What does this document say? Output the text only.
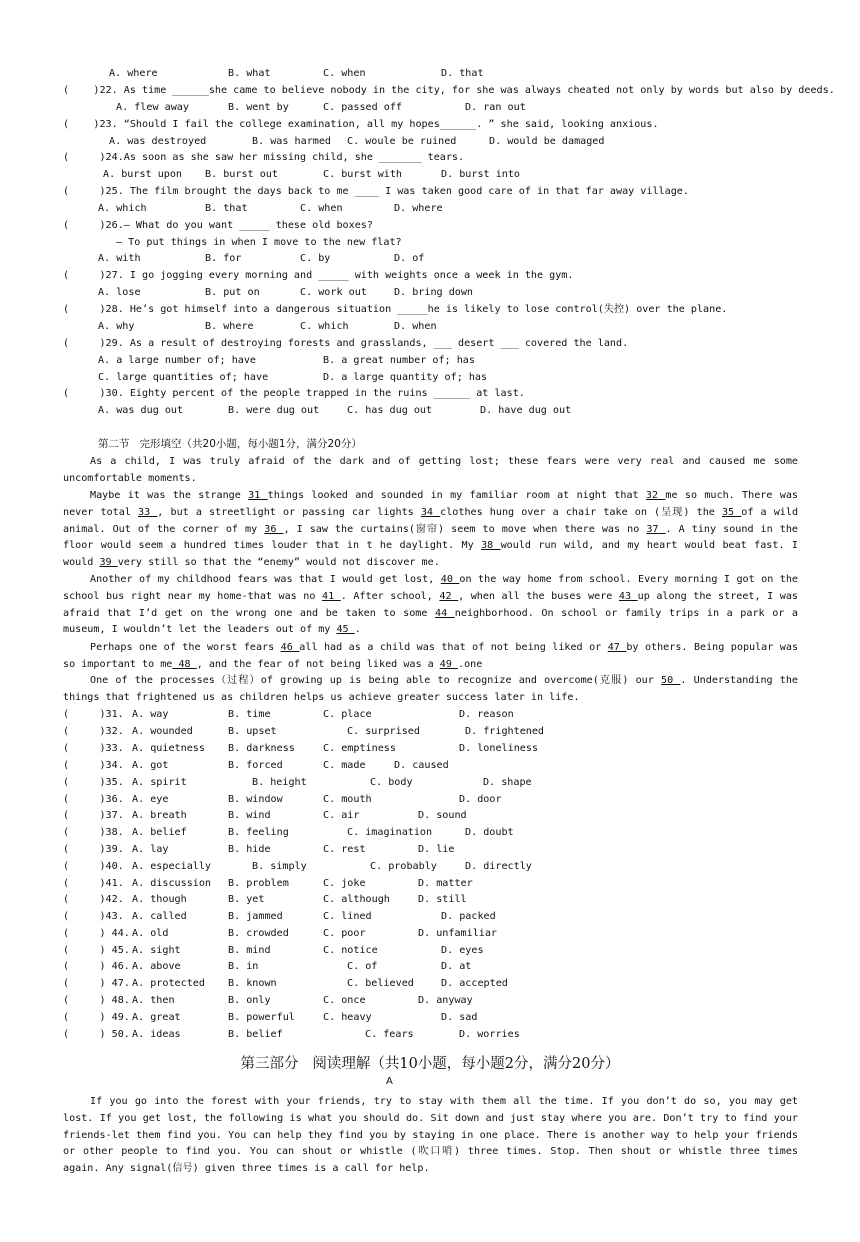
A. where	B. what	C. when	D. that
(    )22. As time ______she came to believe nobody in the city, for she was always cheated not only by words but also by deeds.
A. flew away	B. went by	C. passed off	D. ran out
(    )23. “Should I fail the college examination, all my hopes______. ” she said, looking anxious.
A. was destroyed	B. was harmed C. woule be ruined	D. would be damaged
(     )24.As soon as she saw her missing child, she _______ tears.
A. burst upon B. burst out	C. burst with	D. burst into
(     )25. The film brought the days back to me ____ I was taken good care of in that far away village.
A. which	B. that	C. when	D. where
(     )26.— What do you want _____ these old boxes?
— To put things in when I move to the new flat?
A. with	B. for	C. by	D. of
(     )27. I go jogging every morning and _____ with weights once a week in the gym.
A. lose	B. put on	C. work out	D. bring down
(     )28. He’s got himself into a dangerous situation _____he is likely to lose control(失控) over the plane.
A. why	B. where	C. which	D. when
(     )29. As a result of destroying forests and grasslands, ___ desert ___ covered the land.
A. a large number of; have	B. a great number of; has
C. large quantities of; have	D. a large quantity of; has
(     )30. Eighty percent of the people trapped in the ruins ______ at last.
A. was dug out	B. were dug out	C. has dug out	D. have dug out
第二节   完形填空（共20小题，每小题1分，满分20分）
As a child, I was truly afraid of the dark and of getting lost; these fears were very real and caused me some uncomfortable moments.
Maybe it was the strange 31 things looked and sounded in my familiar room at night that 32 me so much. There was never total 33 , but a streetlight or passing car lights 34 clothes hung over a chair take on (呈现) the 35 of a wild animal. Out of the corner of my 36 , I saw the curtains(窗帘) seem to move when there was no 37 . A tiny sound in the floor would seem a hundred times louder that in t he daylight. My 38 would run wild, and my heart would beat fast. I would 39 very still so that the “enemy” would not discover me.
Another of my childhood fears was that I would get lost, 40 on the way home from school. Every morning I got on the school bus right near my home-that was no 41 . After school, 42 , when all the buses were 43 up along the street, I was afraid that I’d get on the wrong one and be taken to some 44 neighborhood. On school or family trips in a park or a museum, I wouldn’t let the leaders out of my 45 .
Perhaps one of the worst fears 46 all had as a child was that of not being liked or 47 by others. Being popular was so important to me 48 , and the fear of not being liked was a 49 .one
One of the processes（过程）of growing up is being able to recognize and overcome(克服) our 50 . Understanding the things that frightened us as children helps us achieve greater success later in life.
(     )31. A. way	B. time	C. place	D. reason
(     )32. A. wounded	B. upset	C. surprised	D. frightened
(     )33. A. quietness B. darkness	C. emptiness	D. loneliness
(     )34. A. got	B. forced	C. made	D. caused
(     )35. A. spirit	B. height	C. body	D. shape
(     )36. A. eye	B. window	C. mouth	D. door
(     )37. A. breath	B. wind	C. air	D. sound
(     )38. A. belief	B. feeling	C. imagination	D. doubt
(     )39. A. lay	B. hide	C. rest	D. lie
(     )40. A. especially	B. simply	C. probably	D. directly
(     )41. A. discussion B. problem	C. joke	D. matter
(     )42. A. though	B. yet	C. although	D. still
(     )43. A. called	B. jammed	C. lined	D. packed
(     ) 44. A. old	B. crowded	C. poor	D. unfamiliar
(     ) 45. A. sight	B. mind	C. notice	D. eyes
(     ) 46. A. above	B. in	C. of	D. at
(     ) 47. A. protected B. known	C. believed	D. accepted
(     ) 48. A. then	B. only	C. once	D. anyway
(     ) 49. A. great	B. powerful	C. heavy	D. sad
(     ) 50. A. ideas	B. belief	C. fears	D. worries
第三部分   阅读理解（共10小题，每小题2分，满分20分）
A
If you go into the forest with your friends, try to stay with them all the time. If you don’t do so, you may get lost. If you get lost, the following is what you should do. Sit down and just stay where you are. Don’t try to find your friends-let them find you. You can help they find you by staying in one place. There is another way to help your friends or other people to find you. You can shout or whistle (吹口哨) three times. Stop. Then shout or whistle three times again. Any signal(信号) given three times is a call for help.
